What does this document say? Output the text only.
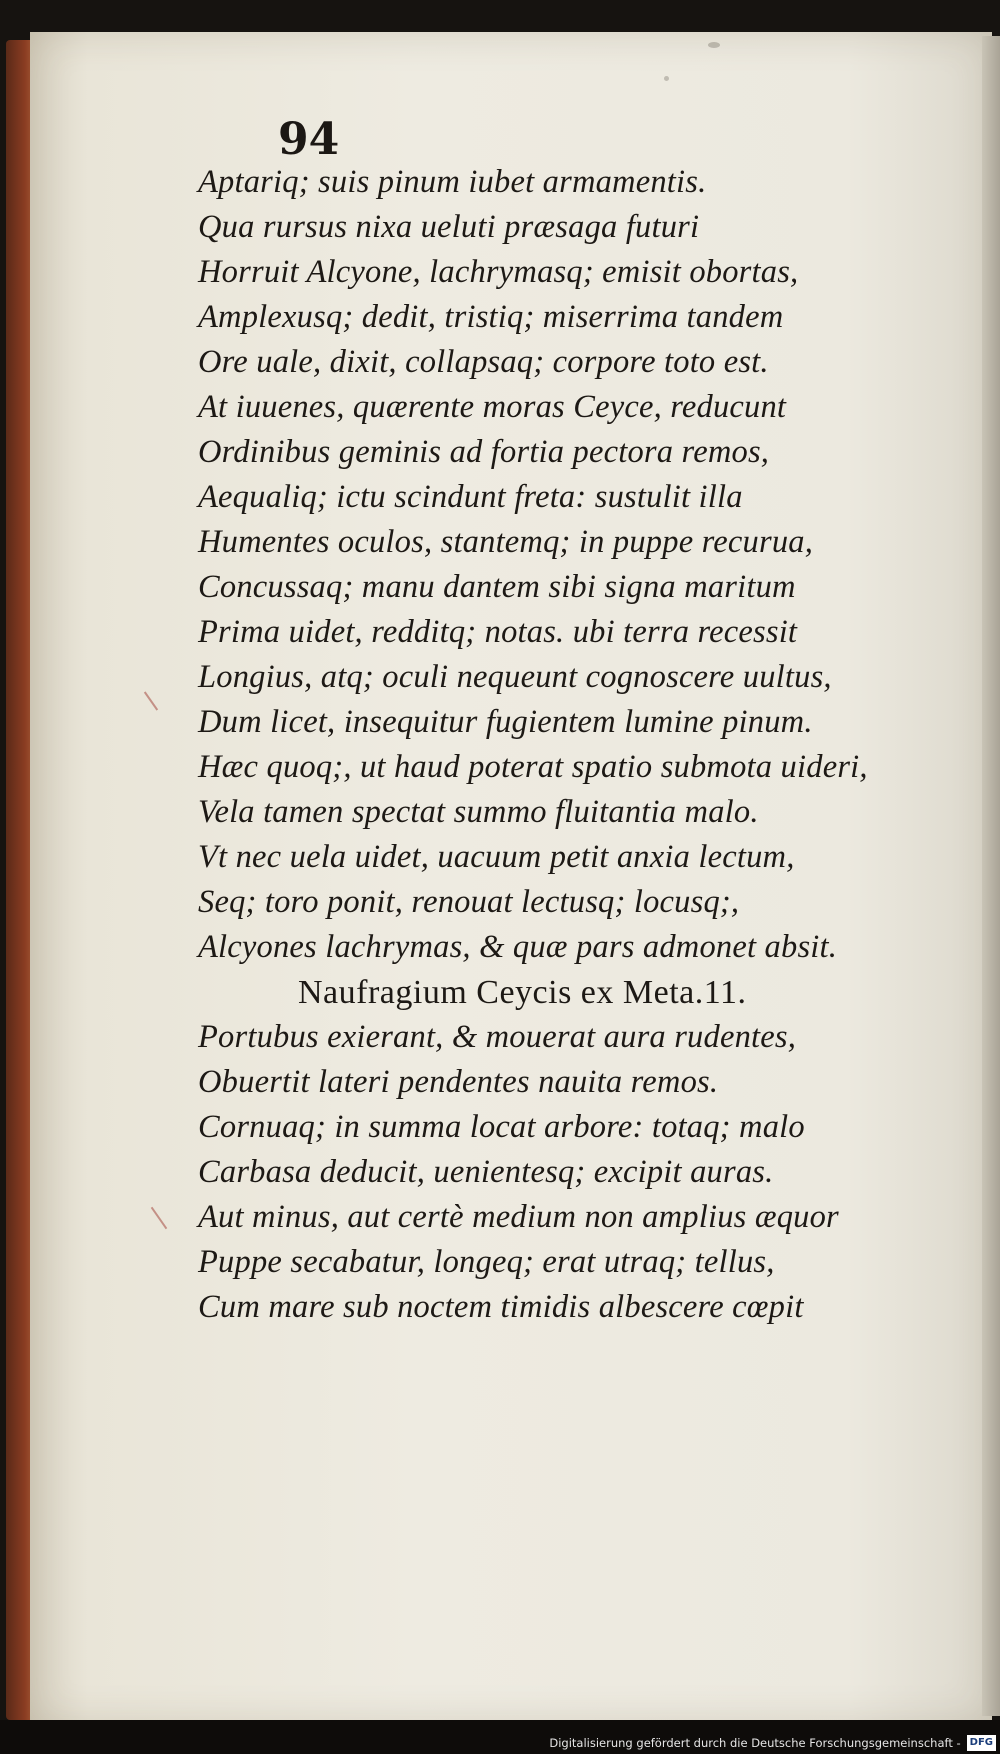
94
Aptariq; suis pinum iubet armamentis.
Qua rursus nixa ueluti præsaga futuri
Horruit Alcyone, lachrymasq; emisit obortas,
Amplexusq; dedit, tristiq; miserrima tandem
Ore uale, dixit, collapsaq; corpore toto est.
At iuuenes, quærente moras Ceyce, reducunt
Ordinibus geminis ad fortia pectora remos,
Aequaliq; ictu scindunt freta: sustulit illa
Humentes oculos, stantemq; in puppe recurua,
Concussaq; manu dantem sibi signa maritum
Prima uidet, redditq; notas. ubi terra recessit
Longius, atq; oculi nequeunt cognoscere uultus,
Dum licet, insequitur fugientem lumine pinum.
Hæc quoq;, ut haud poterat spatio submota uideri,
Vela tamen spectat summo fluitantia malo.
Vt nec uela uidet, uacuum petit anxia lectum,
Seq; toro ponit, renouat lectusq; locusq;,
Alcyones lachrymas, & quæ pars admonet absit.
Naufragium Ceycis ex Meta.11.
Portubus exierant, & mouerat aura rudentes,
Obuertit lateri pendentes nauita remos.
Cornuaq; in summa locat arbore: totaq; malo
Carbasa deducit, uenientesq; excipit auras.
Aut minus, aut certè medium non amplius æquor
Puppe secabatur, longeq; erat utraq; tellus,
Cum mare sub noctem timidis albescere cœpit
Digitalisierung gefördert durch die Deutsche Forschungsgemeinschaft - DFG
